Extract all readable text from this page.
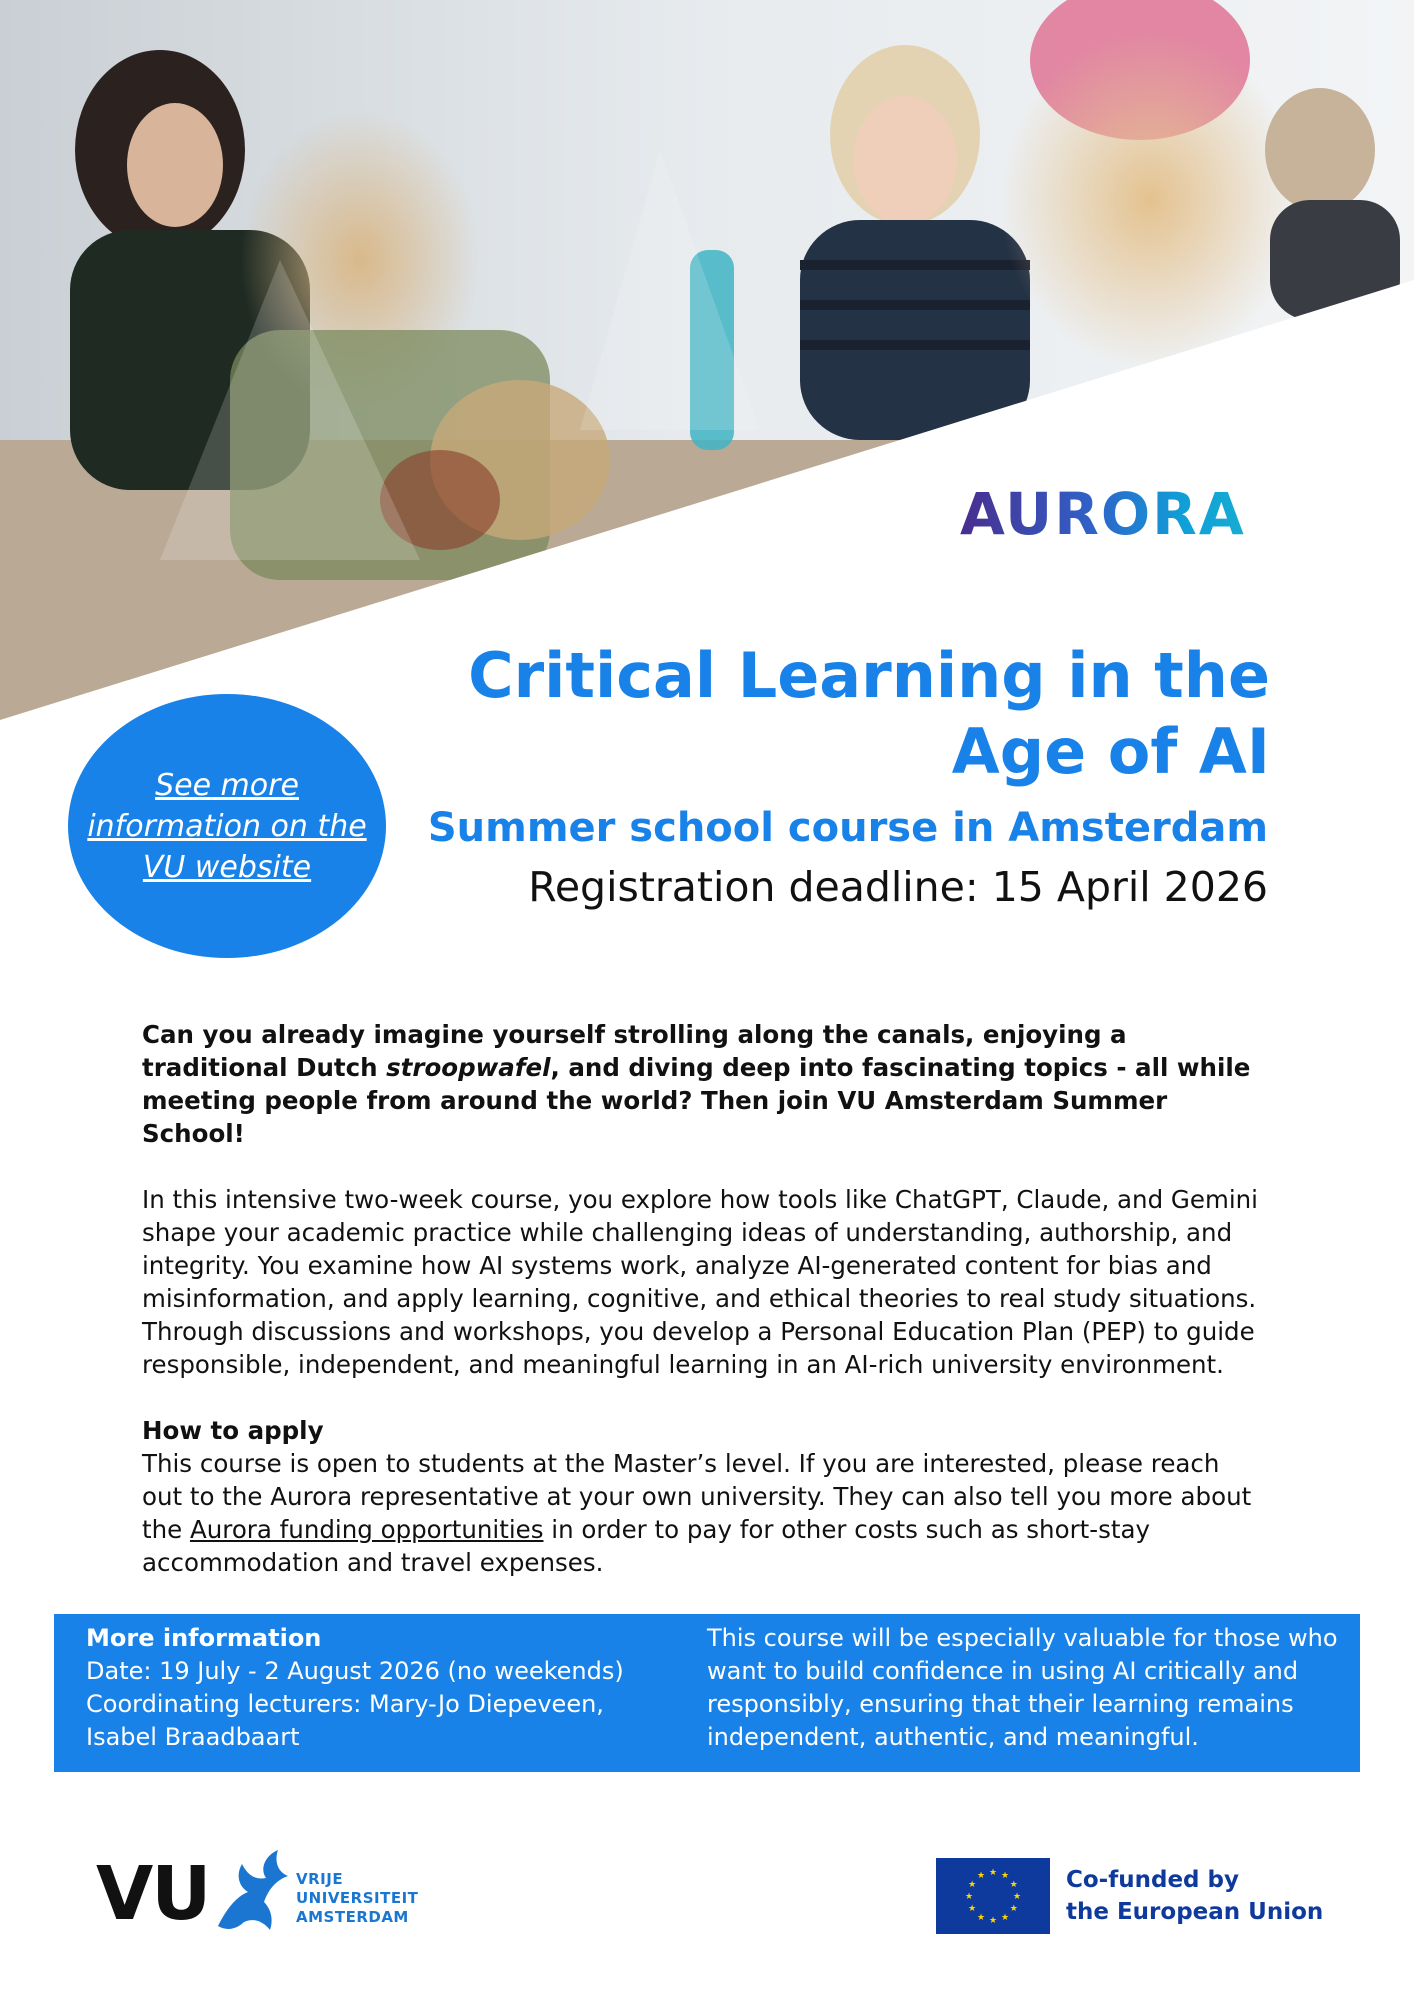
AURORA
Critical Learning in the
Age of AI
Summer school course in Amsterdam

Registration deadline: 15 April 2026

See more information on the VU website

Can you already imagine yourself strolling along the canals, enjoying a traditional Dutch stroopwafel, and diving deep into fascinating topics - all while meeting people from around the world? Then join VU Amsterdam Summer School!

In this intensive two-week course, you explore how tools like ChatGPT, Claude, and Gemini shape your academic practice while challenging ideas of understanding, authorship, and integrity. You examine how AI systems work, analyze AI-generated content for bias and misinformation, and apply learning, cognitive, and ethical theories to real study situations. Through discussions and workshops, you develop a Personal Education Plan (PEP) to guide responsible, independent, and meaningful learning in an AI-rich university environment.

How to apply

This course is open to students at the Master’s level. If you are interested, please reach out to the Aurora representative at your own university. They can also tell you more about the Aurora funding opportunities in order to pay for other costs such as short-stay accommodation and travel expenses.

More information
Date: 19 July - 2 August 2026 (no weekends)
Coordinating lecturers: Mary-Jo Diepeveen, Isabel Braadbaart
This course will be especially valuable for those who want to build confidence in using AI critically and responsibly, ensuring that their learning remains independent, authentic, and meaningful.
VU	VRIJE
UNIVERSITEIT
AMSTERDAM
★ ★
★
★
★
★
★
★
★
★
★
★	Co-funded by
the European Union
